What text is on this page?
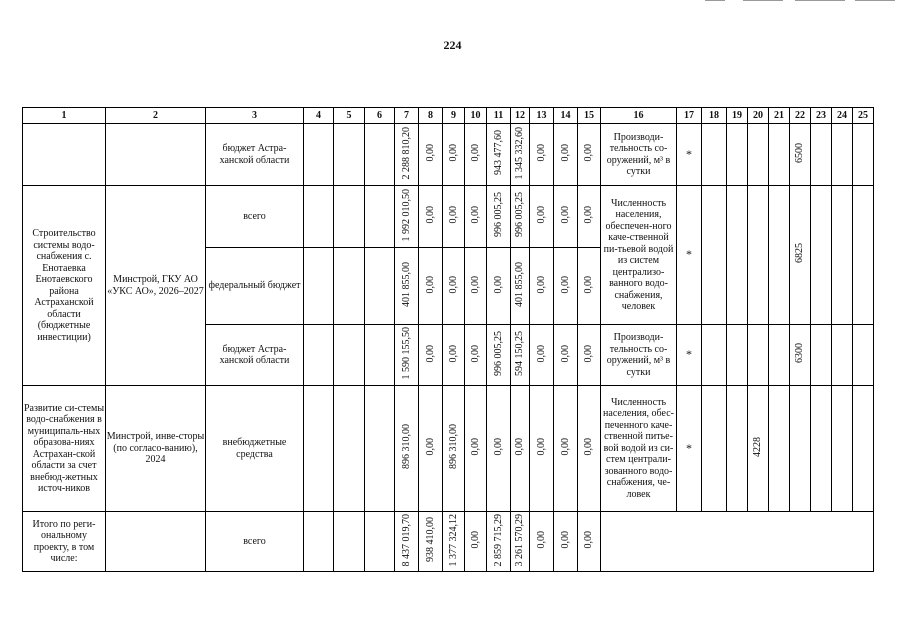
224
1	2	3	4	5	6	7	8	9	10	11	12	13	14	15	16	17	18	19	20	21	22	23	24	25
		бюджет Астра-ханской области				2 288 810,20	0,00	0,00	0,00	943 477,60	1 345 332,60	0,00	0,00	0,00	Производи-тельность со-оружений, м³ в сутки	*					6500			
Строительство системы водо-снабжения с. Енотаевка Енотаевского района Астраханской области (бюджетные инвестиции)	Минстрой, ГКУ АО «УКС АО», 2026–2027	всего				1 992 010,50	0,00	0,00	0,00	996 005,25	996 005,25	0,00	0,00	0,00	Численность населения, обеспечен-ного каче-ственной пи-тьевой водой из систем централизо-ванного водо-снабжения, человек	*					6825			
		федеральный бюджет				401 855,00	0,00	0,00	0,00	0,00	401 855,00	0,00	0,00	0,00										
		бюджет Астра-ханской области				1 590 155,50	0,00	0,00	0,00	996 005,25	594 150,25	0,00	0,00	0,00	Производи-тельность со-оружений, м³ в сутки	*					6300			
Развитие си-стемы водо-снабжения в муниципаль-ных образова-ниях Астрахан-ской области за счет внебюд-жетных источ-ников	Минстрой, инве-сторы (по согласо-ванию), 2024	внебюджетные средства				896 310,00	0,00	896 310,00	0,00	0,00	0,00	0,00	0,00	0,00	Численность населения, обес-печенного каче-ственной питье-вой водой из си-стем централи-зованного водо-снабжения, че-ловек	*			4228					
Итого по реги-ональному проекту, в том числе:		всего				8 437 019,70	938 410,00	1 377 324,12	0,00	2 859 715,29	3 261 570,29	0,00	0,00	0,00										
